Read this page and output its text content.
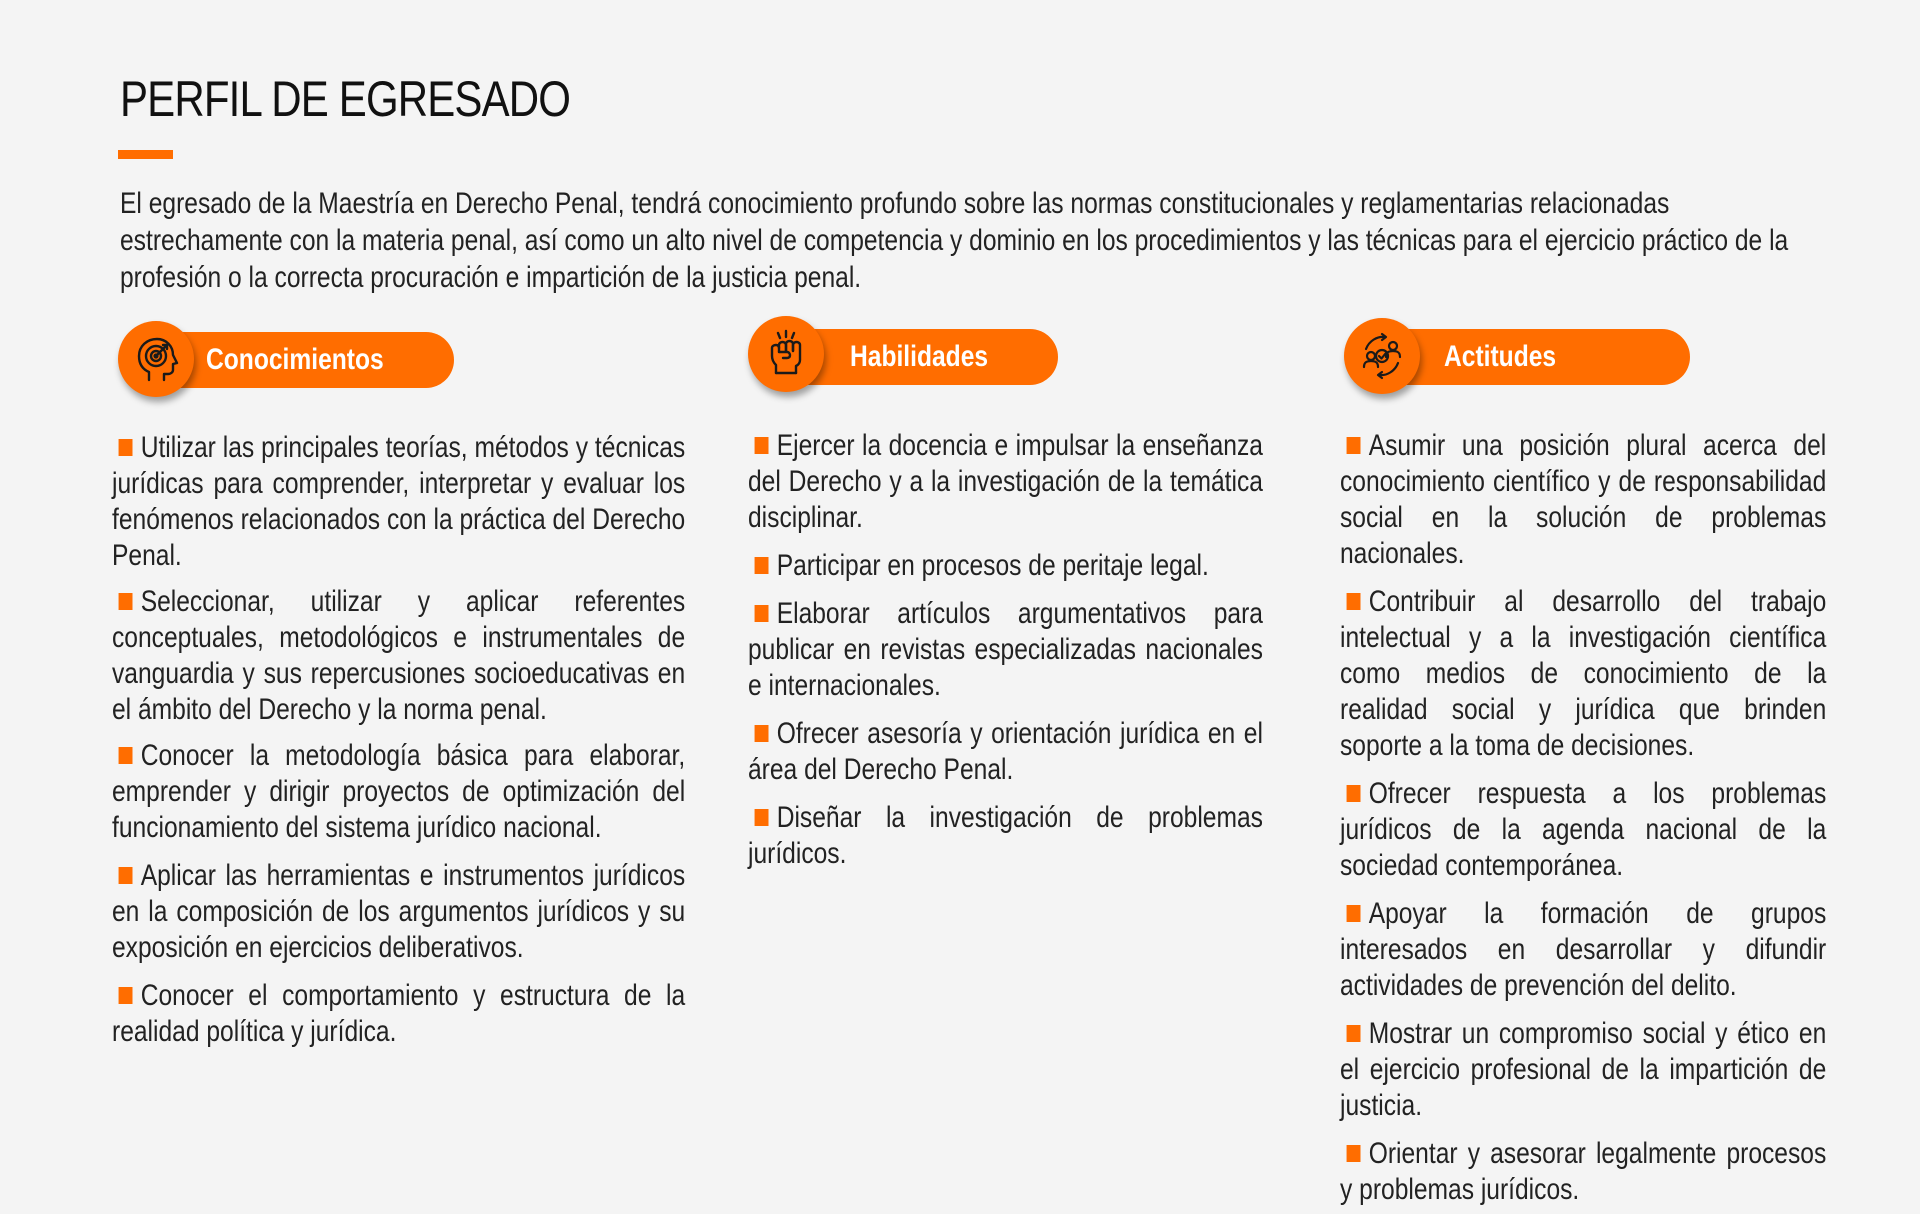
PERFIL DE EGRESADO

El egresado de la Maestría en Derecho Penal, tendrá conocimiento profundo sobre las normas constitucionales y reglamentarias relacionadas estrechamente con la materia penal, así como un alto nivel de competencia y dominio en los procedimientos y las técnicas para el ejercicio práctico de la profesión o la correcta procuración e impartición de la justicia penal.

Conocimientos
Utilizar las principales teorías, métodos y técnicas jurídicas para comprender, interpretar y evaluar los fenómenos relacionados con la práctica del Derecho Penal.
Seleccionar, utilizar y aplicar referentes conceptuales, metodológicos e instrumentales de vanguardia y sus repercusiones socioeducativas en el ámbito del Derecho y la norma penal.
Conocer la metodología básica para elaborar, emprender y dirigir proyectos de optimización del funcionamiento del sistema jurídico nacional.
Aplicar las herramientas e instrumentos jurídicos en la composición de los argumentos jurídicos y su exposición en ejercicios deliberativos.
Conocer el comportamiento y estructura de la realidad política y jurídica.
Habilidades
Ejercer la docencia e impulsar la enseñanza del Derecho y a la investigación de la temática disciplinar.
Participar en procesos de peritaje legal.
Elaborar artículos argumentativos para publicar en revistas especializadas nacionales e internacionales.
Ofrecer asesoría y orientación jurídica en el área del Derecho Penal.
Diseñar la investigación de problemas jurídicos.
Actitudes
Asumir una posición plural acerca del conocimiento científico y de responsabilidad social en la solución de problemas nacionales.
Contribuir al desarrollo del trabajo intelectual y a la investigación científica como medios de conocimiento de la realidad social y jurídica que brinden soporte a la toma de decisiones.
Ofrecer respuesta a los problemas jurídicos de la agenda nacional de la sociedad contemporánea.
Apoyar la formación de grupos interesados en desarrollar y difundir actividades de prevención del delito.
Mostrar un compromiso social y ético en el ejercicio profesional de la impartición de justicia.
Orientar y asesorar legalmente procesos y problemas jurídicos.
